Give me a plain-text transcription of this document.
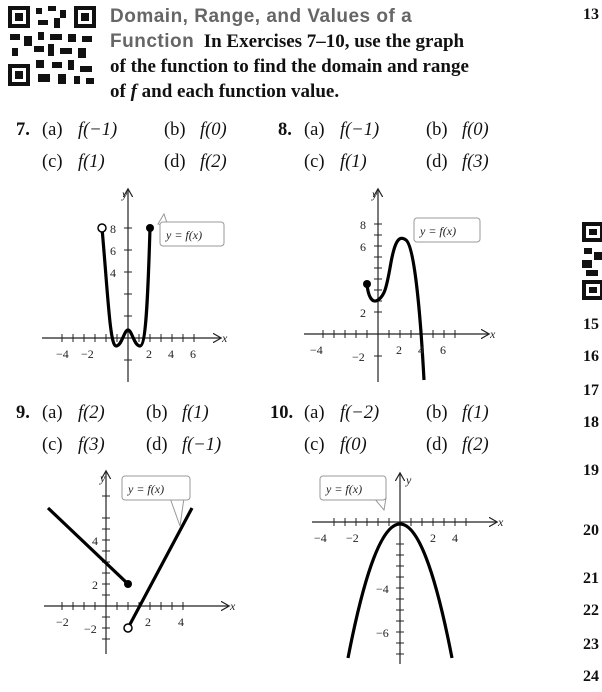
Domain, Range, and Values of a
Function In Exercises 7–10, use the graph
of the function to find the domain and range
of f and each function value.
7. (a) f(−1)	(b) f(0)
(c) f(1)	(d) f(2)
8. (a) f(−1)	(b) f(0)
(c) f(1)	(d) f(3)
−4 −2	2 4 6
8
6
4
y
x
y = f(x)
−4	2 4 6
8
6
2
−2
y
x
y = f(x)
9. (a) f(2) (b) f(1)
(c) f(3) (d) f(−1)
10. (a) f(−2)	(b) f(1)
(c) f(0)	(d) f(2)
−2	2 4
4
2
−2
y
x
y = f(x)
−4 −2	2 4
−4
−6
y
x
y = f(x)
13
15
16
17
18
19
20
21
22
23
24
